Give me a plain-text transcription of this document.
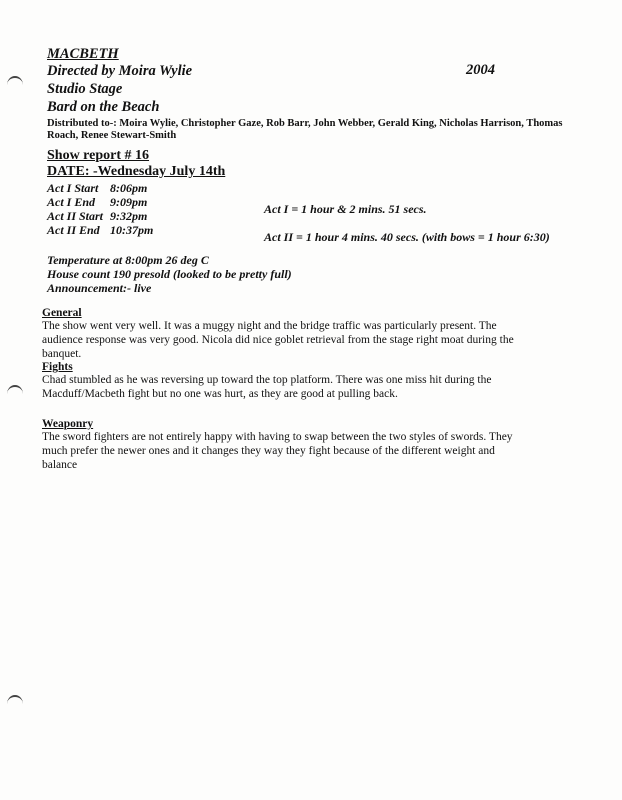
MACBETH
2004
Directed by Moira Wylie
Studio Stage
Bard on the Beach
Distributed to-: Moira Wylie, Christopher Gaze, Rob Barr, John Webber, Gerald King, Nicholas Harrison, Thomas
Roach, Renee Stewart-Smith
Show report # 16
DATE: -Wednesday July 14th
Act I Start 8:06pm
Act I End 9:09pm
Act II Start 9:32pm
Act II End 10:37pm
Act I = 1 hour & 2 mins. 51 secs.
Act II = 1 hour 4 mins. 40 secs. (with bows = 1 hour 6:30)
Temperature at 8:00pm 26 deg C
House count 190 presold (looked to be pretty full)
Announcement:- live
General
The show went very well. It was a muggy night and the bridge traffic was particularly present. The
audience response was very good. Nicola did nice goblet retrieval from the stage right moat during the
banquet.
Fights
Chad stumbled as he was reversing up toward the top platform. There was one miss hit during the
Macduff/Macbeth fight but no one was hurt, as they are good at pulling back.
Weaponry
The sword fighters are not entirely happy with having to swap between the two styles of swords. They
much prefer the newer ones and it changes they way they fight because of the different weight and
balance
